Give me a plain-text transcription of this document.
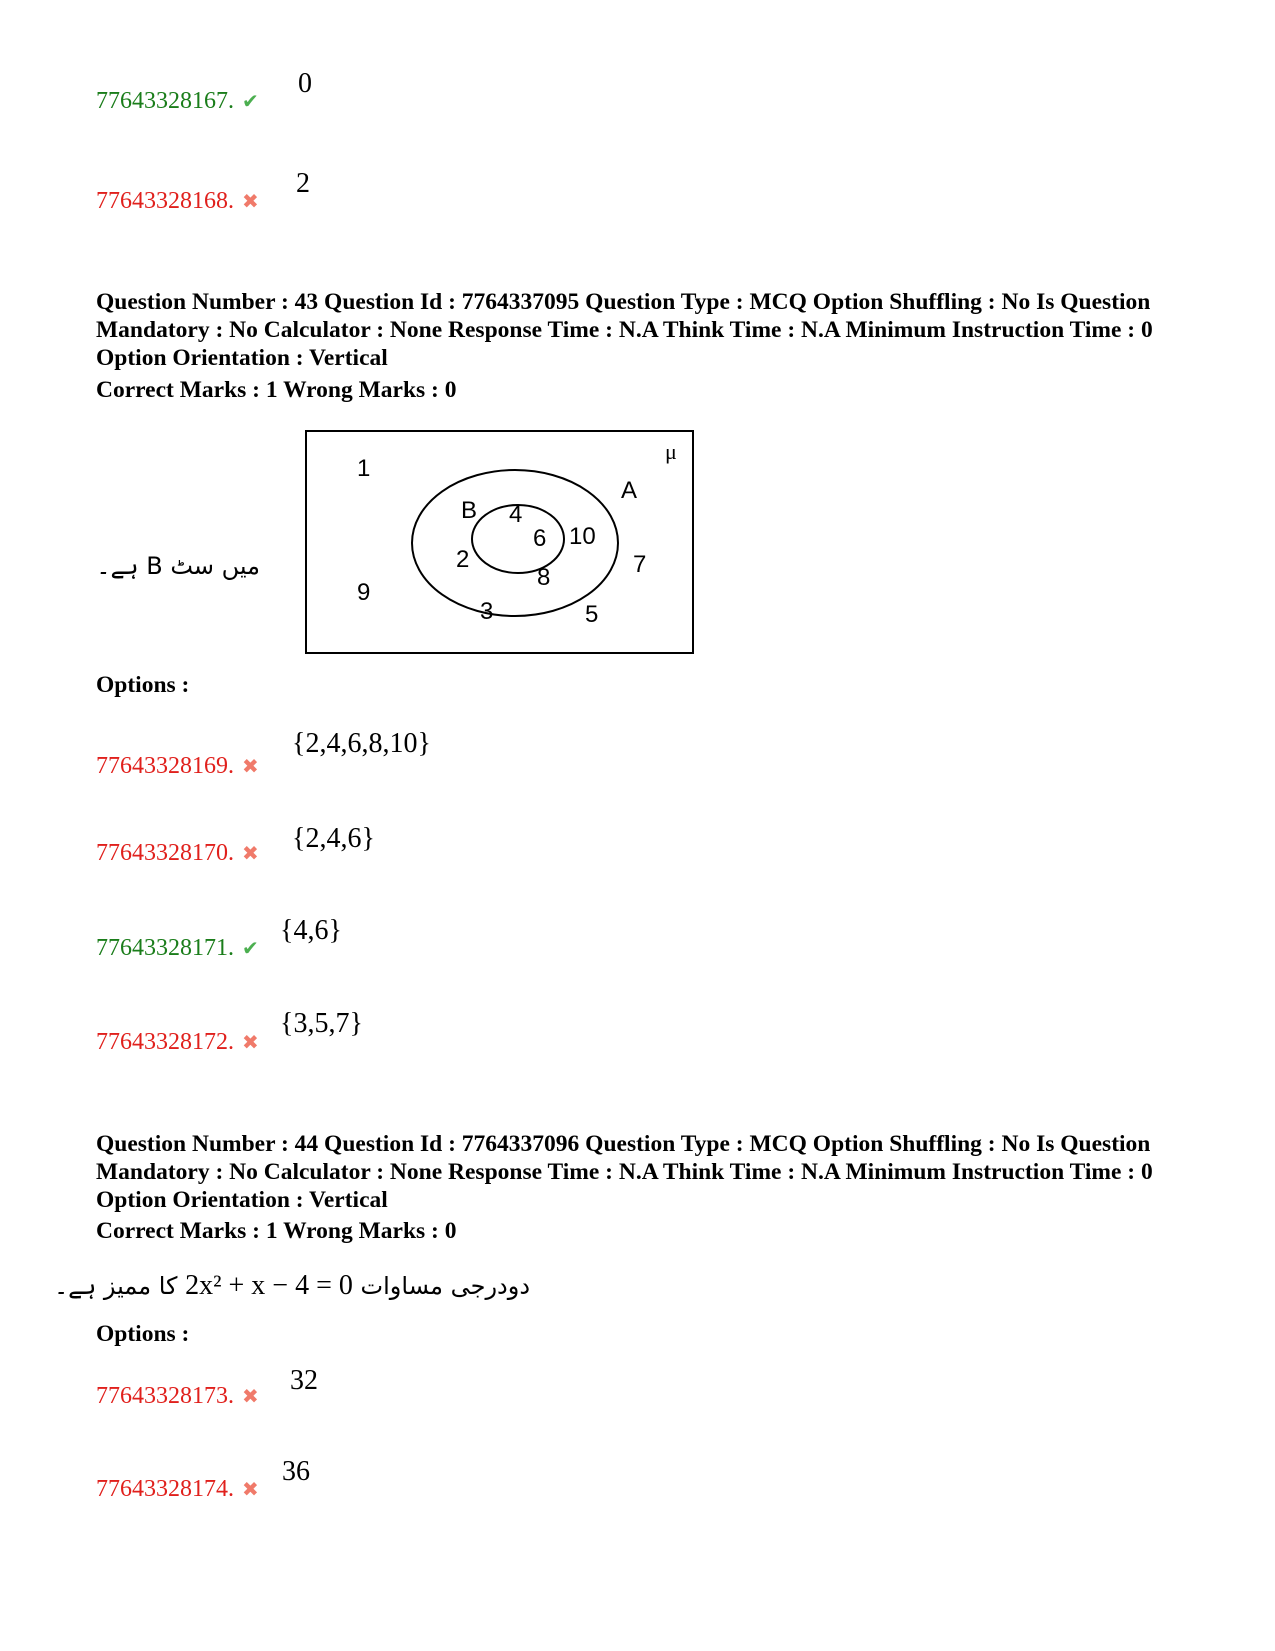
77643328167. ✔
0
77643328168. ✖
2
Question Number : 43 Question Id : 7764337095 Question Type : MCQ Option Shuffling : No Is Question Mandatory : No Calculator : None Response Time : N.A Think Time : N.A Minimum Instruction Time : 0 Option Orientation : Vertical
Correct Marks : 1 Wrong Marks : 0
میں سٹ B ہے۔
μ
A
B
1
9
4
6 10
2
8
3	5
7
Options :
77643328169. ✖
{2,4,6,8,10}
77643328170. ✖ {2,4,6}
77643328171. ✔
{4,6}
77643328172. ✖
{3,5,7}
Question Number : 44 Question Id : 7764337096 Question Type : MCQ Option Shuffling : No Is Question Mandatory : No Calculator : None Response Time : N.A Think Time : N.A Minimum Instruction Time : 0 Option Orientation : Vertical
Correct Marks : 1 Wrong Marks : 0
دودرجی مساوات 2x² + x − 4 = 0 کا ممیز ہے۔
Options :
77643328173. ✖ 32
77643328174. ✖
36
